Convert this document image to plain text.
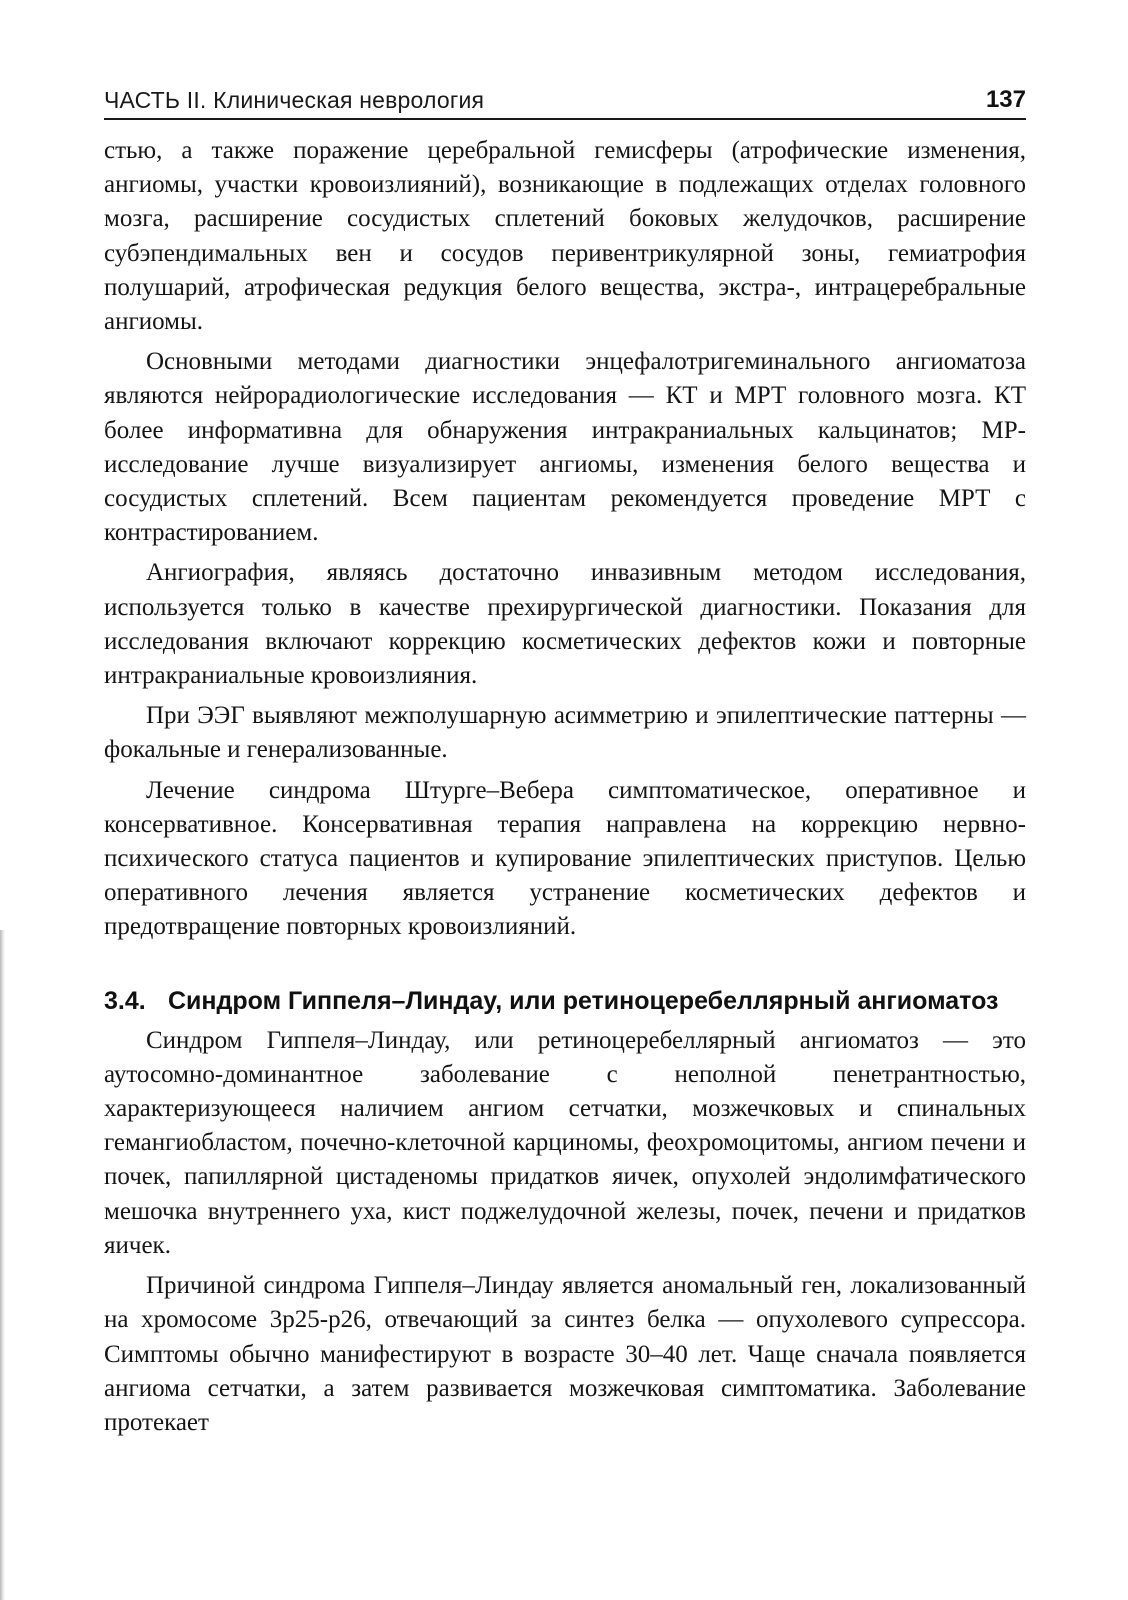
ЧАСТЬ II. Клиническая неврология	137

стью, а также поражение церебральной гемисферы (атрофические изменения, ангиомы, участки кровоизлияний), возникающие в подлежащих отделах головного мозга, расширение сосудистых сплетений боковых желудочков, расширение субэпендимальных вен и сосудов перивентрикулярной зоны, гемиатрофия полушарий, атрофическая редукция белого вещества, экстра-, интрацеребральные ангиомы.

Основными методами диагностики энцефалотригеминального ангиоматоза являются нейрорадиологические исследования — КТ и МРТ головного мозга. КТ более информативна для обнаружения интракраниальных кальцинатов; МР-исследование лучше визуализирует ангиомы, изменения белого вещества и сосудистых сплетений. Всем пациентам рекомендуется проведение МРТ с контрастированием.

Ангиография, являясь достаточно инвазивным методом исследования, используется только в качестве прехирургической диагностики. Показания для исследования включают коррекцию косметических дефектов кожи и повторные интракраниальные кровоизлияния.

При ЭЭГ выявляют межполушарную асимметрию и эпилептические паттерны — фокальные и генерализованные.

Лечение синдрома Штурге–Вебера симптоматическое, оперативное и консервативное. Консервативная терапия направлена на коррекцию нервно-психического статуса пациентов и купирование эпилептических приступов. Целью оперативного лечения является устранение косметических дефектов и предотвращение повторных кровоизлияний.

3.4. Синдром Гиппеля–Линдау, или ретиноцеребеллярный ангиоматоз

Синдром Гиппеля–Линдау, или ретиноцеребеллярный ангиоматоз — это аутосомно-доминантное заболевание с неполной пенетрантностью, характеризующееся наличием ангиом сетчатки, мозжечковых и спинальных гемангиобластом, почечно-клеточной карциномы, феохромоцитомы, ангиом печени и почек, папиллярной цистаденомы придатков яичек, опухолей эндолимфатического мешочка внутреннего уха, кист поджелудочной железы, почек, печени и придатков яичек.

Причиной синдрома Гиппеля–Линдау является аномальный ген, локализованный на хромосоме 3p25-p26, отвечающий за синтез белка — опухолевого супрессора. Симптомы обычно манифестируют в возрасте 30–40 лет. Чаще сначала появляется ангиома сетчатки, а затем развивается мозжечковая симптоматика. Заболевание протекает
